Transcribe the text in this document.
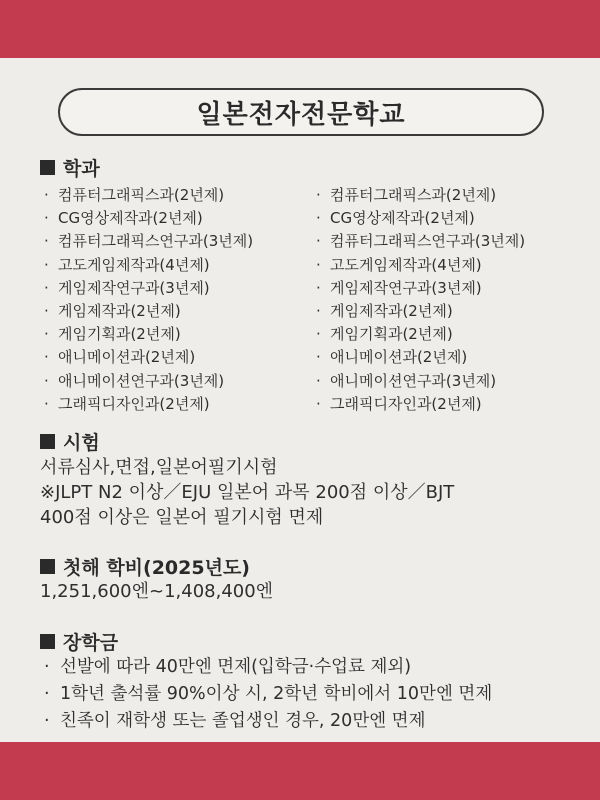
일본전자전문학교
학과
· 컴퓨터그래픽스과(2년제)
· CG영상제작과(2년제)
· 컴퓨터그래픽스연구과(3년제)
· 고도게임제작과(4년제)
· 게임제작연구과(3년제)
· 게임제작과(2년제)
· 게임기획과(2년제)
· 애니메이션과(2년제)
· 애니메이션연구과(3년제)
· 그래픽디자인과(2년제)
· 컴퓨터그래픽스과(2년제)
· CG영상제작과(2년제)
· 컴퓨터그래픽스연구과(3년제)
· 고도게임제작과(4년제)
· 게임제작연구과(3년제)
· 게임제작과(2년제)
· 게임기획과(2년제)
· 애니메이션과(2년제)
· 애니메이션연구과(3년제)
· 그래픽디자인과(2년제)
시험
서류심사,면접,일본어필기시험
※JLPT N2 이상／EJU 일본어 과목 200점 이상／BJT
400점 이상은 일본어 필기시험 면제
첫해 학비(2025년도)
1,251,600엔~1,408,400엔
장학금
· 선발에 따라 40만엔 면제(입학금·수업료 제외)
· 1학년 출석률 90%이상 시, 2학년 학비에서 10만엔 면제
· 친족이 재학생 또는 졸업생인 경우, 20만엔 면제
